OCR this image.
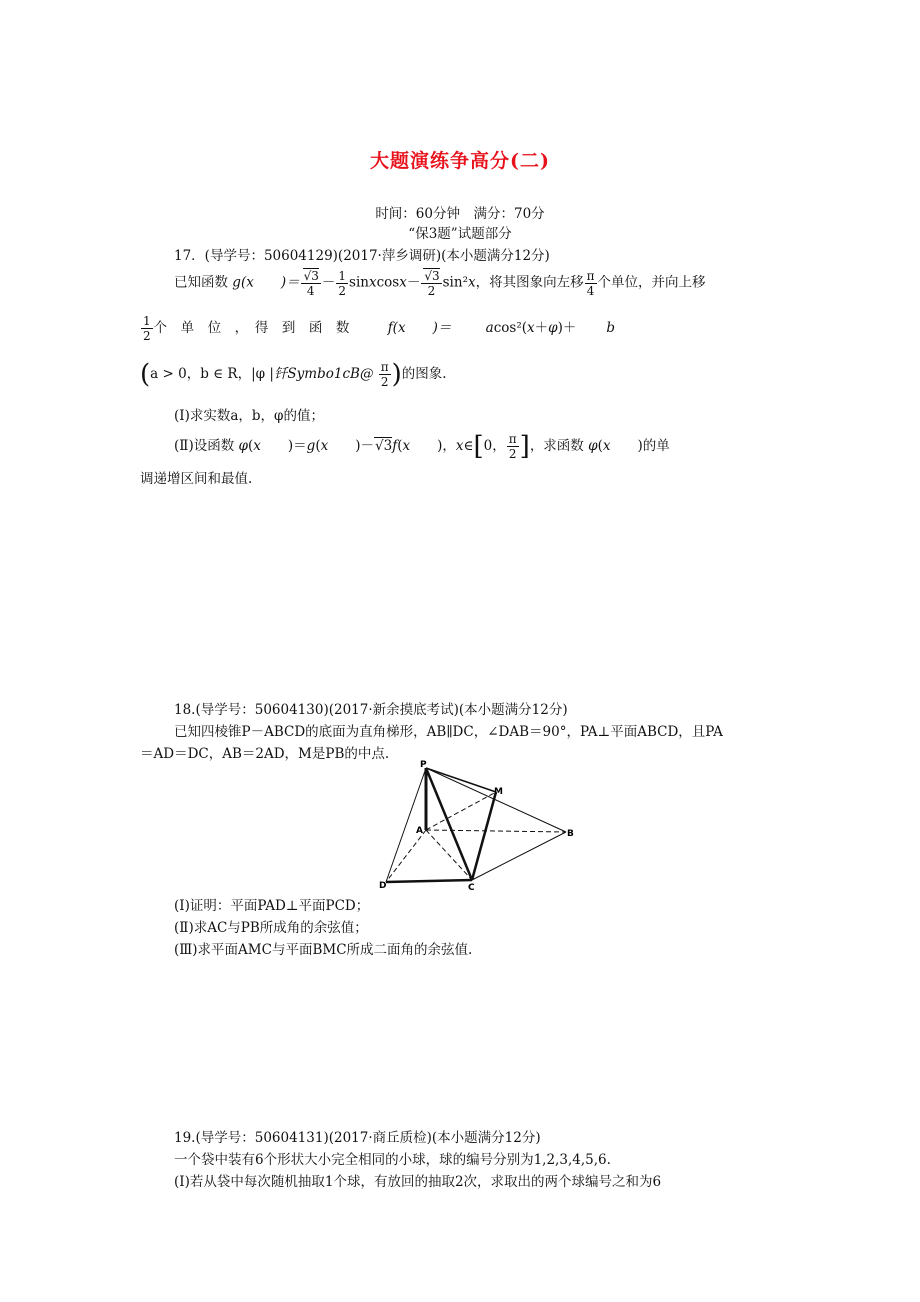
大题演练争高分(二)
时间：60分钟　满分：70分
“保3题”试题部分
17．(导学号：50604129)(2017·萍乡调研)(本小题满分12分)
已知函数 g(x　　)＝ $\frac{√3}{4} - \frac{1}{2}$ sinxcosx－ $\frac{√3}{2} \sin^2x$，将其图象向左移 $\frac{\pi}{4}$ 个单位，并向上移
$\frac{1}{2}$ 个　单　位　，　得　到　函　数	f(x　　)＝	acos²(x＋φ)＋ b
(a > 0，b ∈ R，|φ |钎Symbo1cB@ $\frac{\pi}{2}$ )的图象.
(Ⅰ)求实数a，b，φ的值；
(Ⅱ)设函数 φ(x　　)＝g(x　　)－√3f(x　　)，x∈[0， $\frac{\pi}{2}$ ]，求函数 φ(x　　)的单
调递增区间和最值.
18.(导学号：50604130)(2017·新余摸底考试)(本小题满分12分)
已知四棱锥P－ABCD的底面为直角梯形，AB∥DC，∠DAB＝90°，PA⊥平面ABCD，且PA
＝AD＝DC，AB＝2AD，M是PB的中点.
P
A	B
C
D
M
(Ⅰ)证明：平面PAD⊥平面PCD；
(Ⅱ)求AC与PB所成角的余弦值；
(Ⅲ)求平面AMC与平面BMC所成二面角的余弦值.
19.(导学号：50604131)(2017·商丘质检)(本小题满分12分)
一个袋中装有6个形状大小完全相同的小球，球的编号分别为1,2,3,4,5,6.
(Ⅰ)若从袋中每次随机抽取1个球，有放回的抽取2次，求取出的两个球编号之和为6
